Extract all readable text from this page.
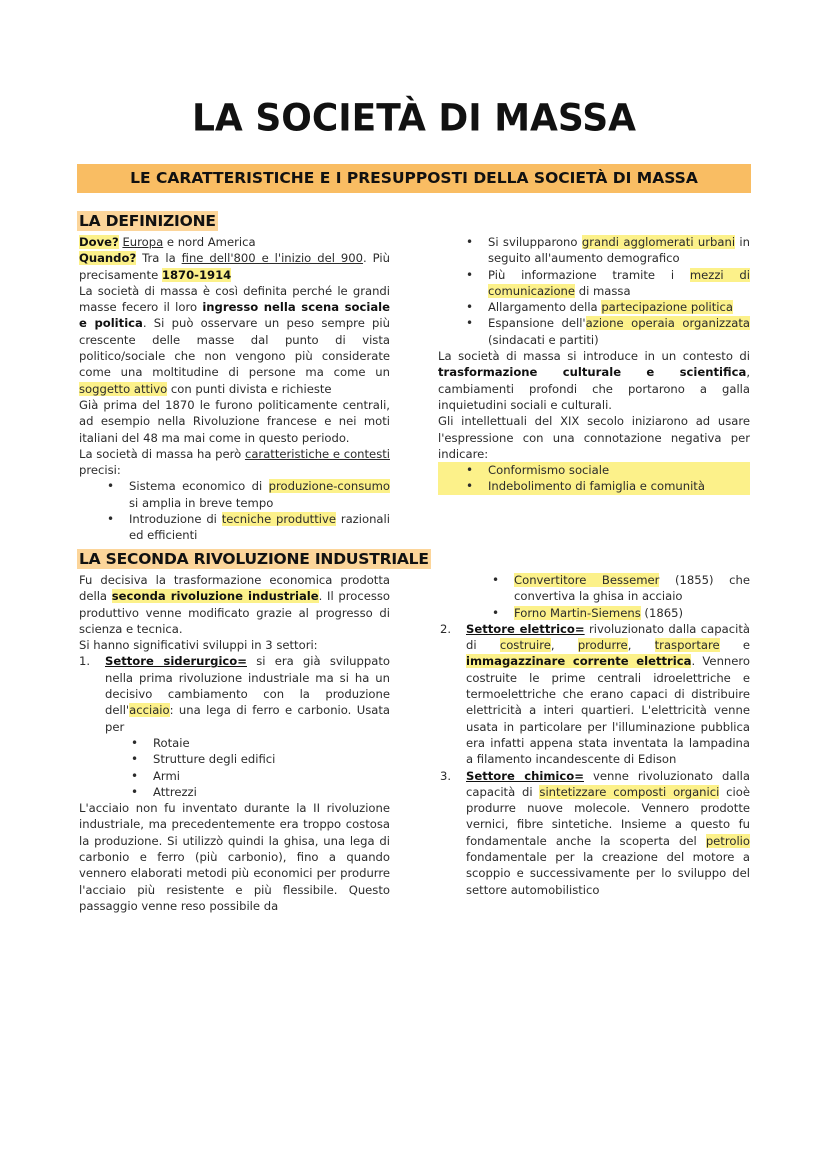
LA SOCIETÀ DI MASSA
LE CARATTERISTICHE E I PRESUPPOSTI DELLA SOCIETÀ DI MASSA
LA DEFINIZIONE

Dove? Europa e nord America

Quando? Tra la fine dell'800 e l'inizio del 900. Più precisamente 1870-1914

La società di massa è così definita perché le grandi masse fecero il loro ingresso nella scena sociale e politica. Si può osservare un peso sempre più crescente delle masse dal punto di vista politico/sociale che non vengono più considerate come una moltitudine di persone ma come un soggetto attivo con punti divista e richieste

Già prima del 1870 le furono politicamente centrali, ad esempio nella Rivoluzione francese e nei moti italiani del 48 ma mai come in questo periodo.

La società di massa ha però caratteristiche e contesti precisi:

• Sistema economico di produzione-consumo si amplia in breve tempo
• Introduzione di tecniche produttive razionali ed efficienti
• Si svilupparono grandi agglomerati urbani in seguito all'aumento demografico
• Più informazione tramite i mezzi di comunicazione di massa
• Allargamento della partecipazione politica
• Espansione dell'azione operaia organizzata (sindacati e partiti)

La società di massa si introduce in un contesto di trasformazione culturale e scientifica, cambiamenti profondi che portarono a galla inquietudini sociali e culturali.

Gli intellettuali del XIX secolo iniziarono ad usare l'espressione con una connotazione negativa per indicare:

• Conformismo sociale
• Indebolimento di famiglia e comunità
LA SECONDA RIVOLUZIONE INDUSTRIALE

Fu decisiva la trasformazione economica prodotta della seconda rivoluzione industriale. Il processo produttivo venne modificato grazie al progresso di scienza e tecnica.

Si hanno significativi sviluppi in 3 settori:

1. Settore siderurgico= si era già sviluppato nella prima rivoluzione industriale ma si ha un decisivo cambiamento con la produzione dell'acciaio: una lega di ferro e carbonio. Usata per
• Rotaie
• Strutture degli edifici
• Armi
• Attrezzi

L'acciaio non fu inventato durante la II rivoluzione industriale, ma precedentemente era troppo costosa la produzione. Si utilizzò quindi la ghisa, una lega di carbonio e ferro (più carbonio), fino a quando vennero elaborati metodi più economici per produrre l'acciaio più resistente e più flessibile. Questo passaggio venne reso possibile da

• Convertitore Bessemer (1855) che convertiva la ghisa in acciaio
• Forno Martin-Siemens (1865)
2. Settore elettrico= rivoluzionato dalla capacità di costruire, produrre, trasportare e immagazzinare corrente elettrica. Vennero costruite le prime centrali idroelettriche e termoelettriche che erano capaci di distribuire elettricità a interi quartieri. L'elettricità venne usata in particolare per l'illuminazione pubblica era infatti appena stata inventata la lampadina a filamento incandescente di Edison
3. Settore chimico= venne rivoluzionato dalla capacità di sintetizzare composti organici cioè produrre nuove molecole. Vennero prodotte vernici, fibre sintetiche. Insieme a questo fu fondamentale anche la scoperta del petrolio fondamentale per la creazione del motore a scoppio e successivamente per lo sviluppo del settore automobilistico
